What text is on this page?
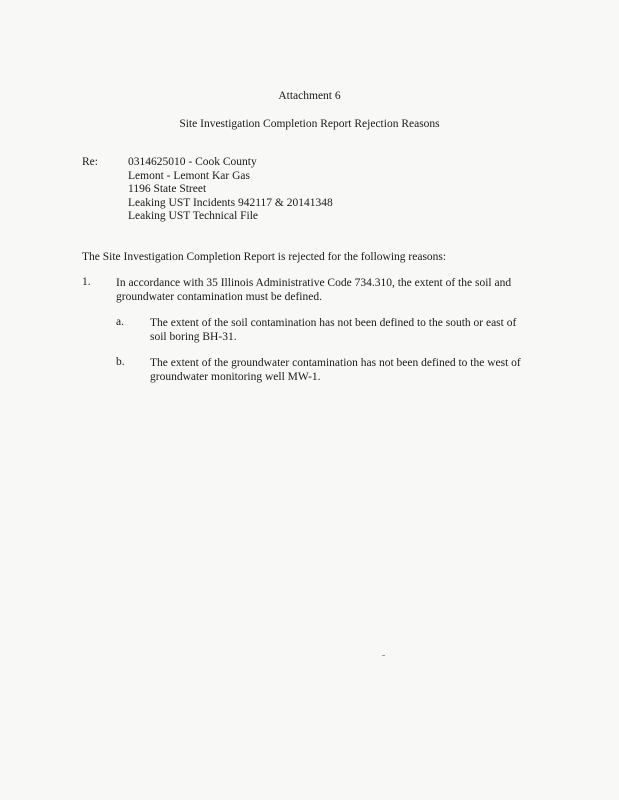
Attachment 6
Site Investigation Completion Report Rejection Reasons
Re:	0314625010 - Cook County
Lemont - Lemont Kar Gas
1196 State Street
Leaking UST Incidents 942117 & 20141348
Leaking UST Technical File
The Site Investigation Completion Report is rejected for the following reasons:
1. In accordance with 35 Illinois Administrative Code 734.310, the extent of the soil and groundwater contamination must be defined.
a. The extent of the soil contamination has not been defined to the south or east of soil boring BH-31.
b. The extent of the groundwater contamination has not been defined to the west of groundwater monitoring well MW-1.
